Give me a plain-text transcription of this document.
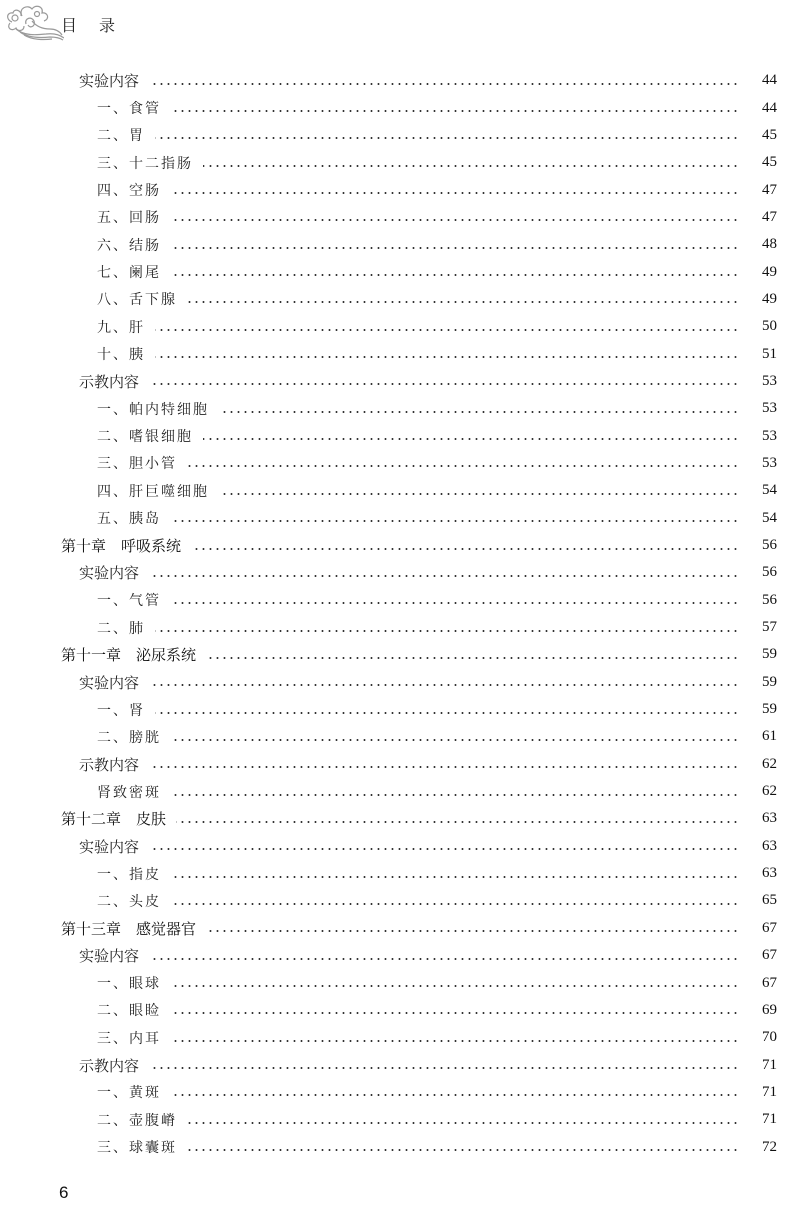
目录
实验内容	44
一、食管	44
二、胃	45
三、十二指肠	45
四、空肠	47
五、回肠	47
六、结肠	48
七、阑尾	49
八、舌下腺	49
九、肝	50
十、胰	51
示教内容	53
一、帕内特细胞	53
二、嗜银细胞	53
三、胆小管	53
四、肝巨噬细胞	54
五、胰岛	54
第十章　呼吸系统	56
实验内容	56
一、气管	56
二、肺	57
第十一章　泌尿系统	59
实验内容	59
一、肾	59
二、膀胱	61
示教内容	62
肾致密斑	62
第十二章　皮肤	63
实验内容	63
一、指皮	63
二、头皮	65
第十三章　感觉器官	67
实验内容	67
一、眼球	67
二、眼睑	69
三、内耳	70
示教内容	71
一、黄斑	71
二、壶腹嵴	71
三、球囊斑	72
6
